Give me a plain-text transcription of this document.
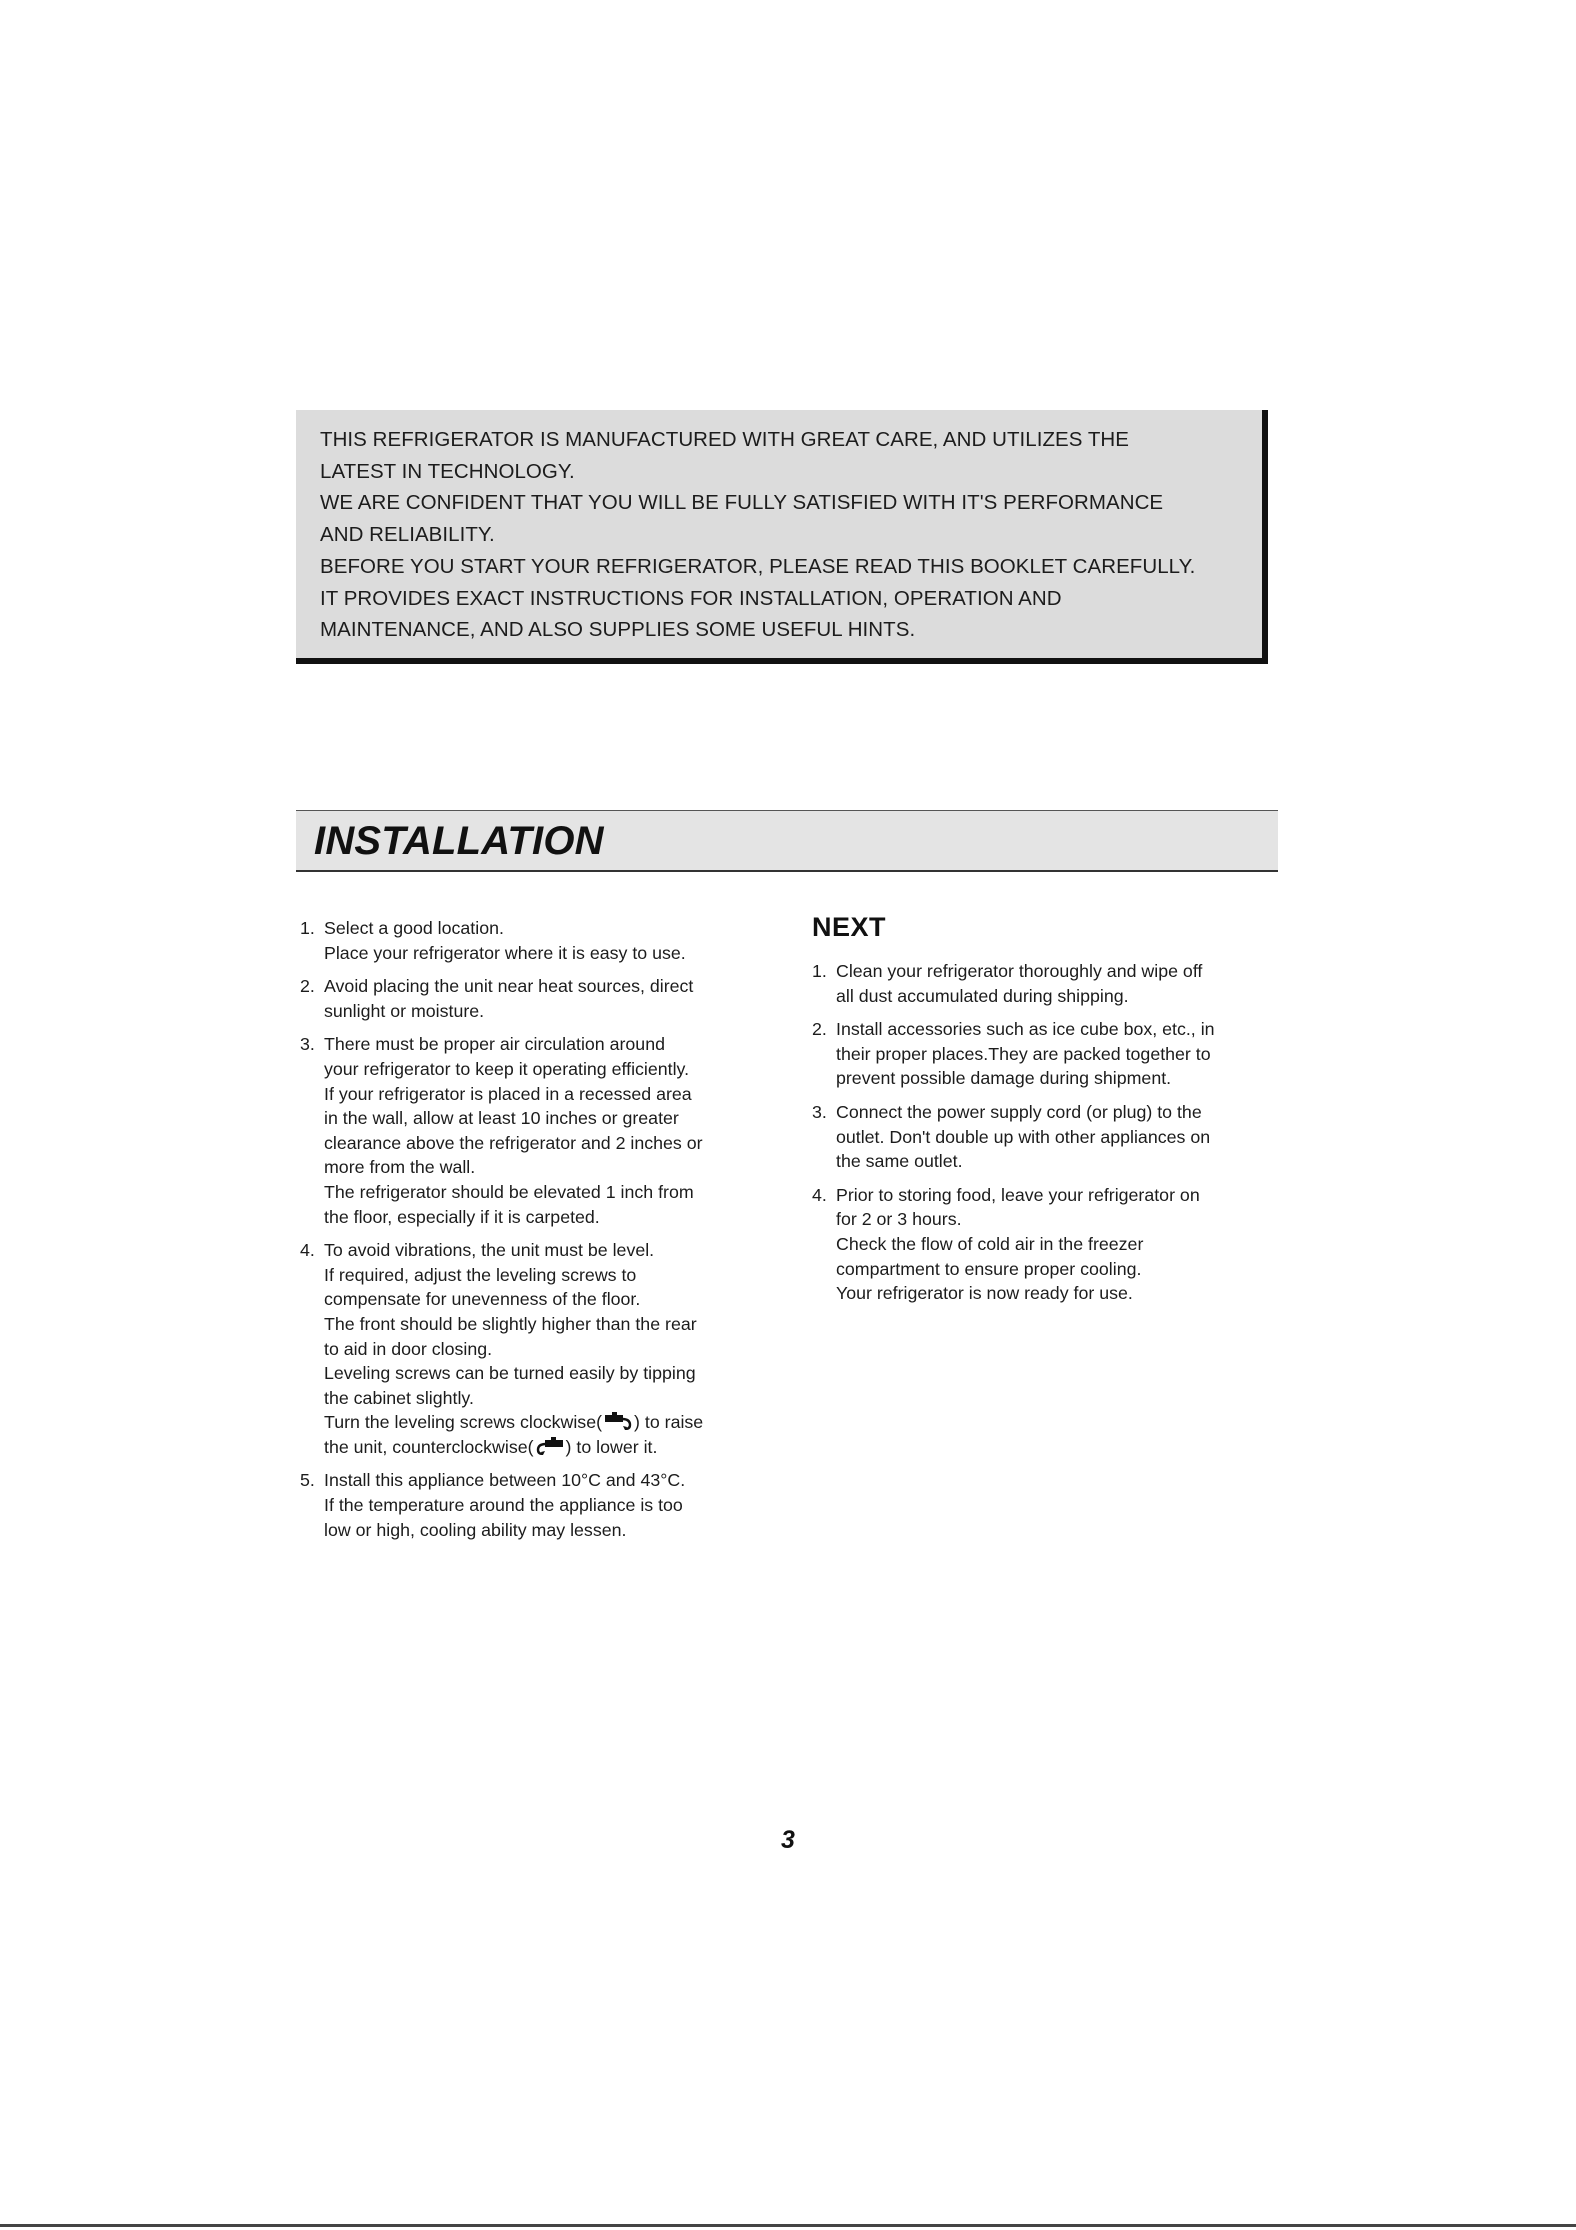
THIS REFRIGERATOR IS MANUFACTURED WITH GREAT CARE, AND UTILIZES THE
LATEST IN TECHNOLOGY.
WE ARE CONFIDENT THAT YOU WILL BE FULLY SATISFIED WITH IT'S PERFORMANCE
AND RELIABILITY.
BEFORE YOU START YOUR REFRIGERATOR, PLEASE READ THIS BOOKLET CAREFULLY.
IT PROVIDES EXACT INSTRUCTIONS FOR INSTALLATION, OPERATION AND
MAINTENANCE, AND ALSO SUPPLIES SOME USEFUL HINTS.
INSTALLATION
1. Select a good location.
Place your refrigerator where it is easy to use.
2. Avoid placing the unit near heat sources, direct
sunlight or moisture.
3. There must be proper air circulation around
your refrigerator to keep it operating efficiently.
If your refrigerator is placed in a recessed area
in the wall, allow at least 10 inches or greater
clearance above the refrigerator and 2 inches or
more from the wall.
The refrigerator should be elevated 1 inch from
the floor, especially if it is carpeted.
4. To avoid vibrations, the unit must be level.
If required, adjust the leveling screws to
compensate for unevenness of the floor.
The front should be slightly higher than the rear
to aid in door closing.
Leveling screws can be turned easily by tipping
the cabinet slightly.
Turn the leveling screws clockwise( ) to raise
the unit, counterclockwise( ) to lower it.
5. Install this appliance between 10°C and 43°C.
If the temperature around the appliance is too
low or high, cooling ability may lessen.
NEXT
1. Clean your refrigerator thoroughly and wipe off
all dust accumulated during shipping.
2. Install accessories such as ice cube box, etc., in
their proper places.They are packed together to
prevent possible damage during shipment.
3. Connect the power supply cord (or plug) to the
outlet. Don't double up with other appliances on
the same outlet.
4. Prior to storing food, leave your refrigerator on
for 2 or 3 hours.
Check the flow of cold air in the freezer
compartment to ensure proper cooling.
Your refrigerator is now ready for use.
3
